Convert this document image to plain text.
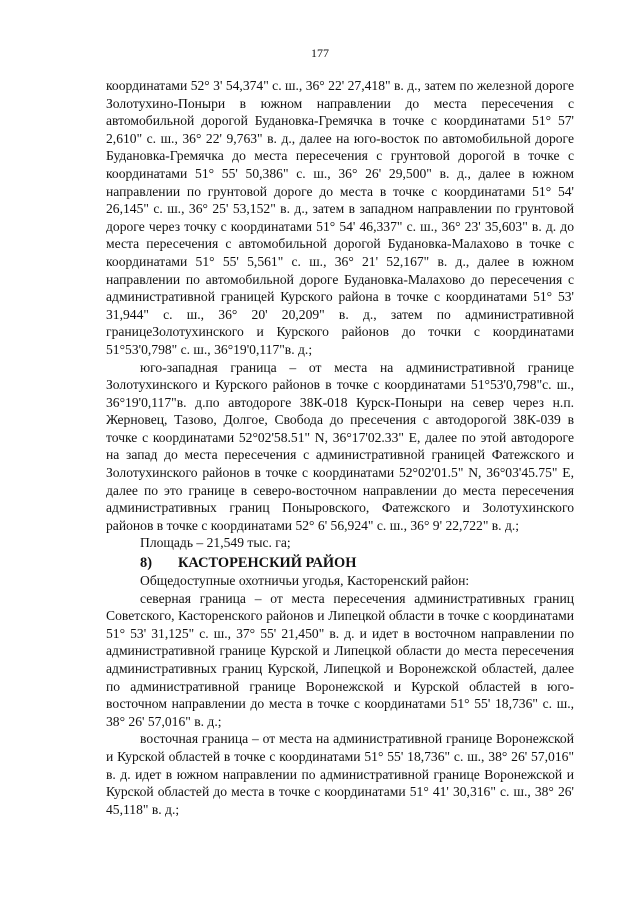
177

координатами 52° 3' 54,374" с. ш., 36° 22' 27,418" в. д., затем по железной дороге Золотухино-Поныри в южном направлении до места пересечения с автомобильной дорогой Будановка-Гремячка в точке с координатами 51° 57' 2,610" с. ш., 36° 22' 9,763" в. д., далее на юго-восток по автомобильной дороге Будановка-Гремячка до места пересечения с грунтовой дорогой в точке с координатами 51° 55' 50,386" с. ш., 36° 26' 29,500" в. д., далее в южном направлении по грунтовой дороге до места в точке с координатами 51° 54' 26,145" с. ш., 36° 25' 53,152" в. д., затем в западном направлении по грунтовой дороге через точку с координатами 51° 54' 46,337" с. ш., 36° 23' 35,603" в. д. до места пересечения с автомобильной дорогой Будановка-Малахово в точке с координатами 51° 55' 5,561" с. ш., 36° 21' 52,167" в. д., далее в южном направлении по автомобильной дороге Будановка-Малахово до пересечения с административной границей Курского района в точке с координатами 51° 53' 31,944" с. ш., 36° 20' 20,209" в. д., затем по административной границеЗолотухинского и Курского районов до точки с координатами 51°53'0,798" с. ш., 36°19'0,117"в. д.;

юго-западная граница – от места на административной границе Золотухинского и Курского районов в точке с координатами 51°53'0,798"с. ш., 36°19'0,117"в. д.по автодороге 38К-018 Курск-Поныри на север через н.п. Жерновец, Тазово, Долгое, Свобода до пресечения с автодорогой 38К-039 в точке с координатами 52°02'58.51" N, 36°17'02.33" E, далее по этой автодороге на запад до места пересечения с административной границей Фатежского и Золотухинского районов в точке с координатами 52°02'01.5" N, 36°03'45.75" E, далее по это границе в северо-восточном направлении до места пересечения административных границ Поныровского, Фатежского и Золотухинского районов в точке с координатами 52° 6' 56,924" с. ш., 36° 9' 22,722" в. д.;

Площадь – 21,549 тыс. га;

8) КАСТОРЕНСКИЙ РАЙОН

Общедоступные охотничьи угодья, Касторенский район:

северная граница – от места пересечения административных границ Советского, Касторенского районов и Липецкой области в точке с координатами 51° 53' 31,125" с. ш., 37° 55' 21,450" в. д. и идет в восточном направлении по административной границе Курской и Липецкой области до места пересечения административных границ Курской, Липецкой и Воронежской областей, далее по административной границе Воронежской и Курской областей в юго-восточном направлении до места в точке с координатами 51° 55' 18,736" с. ш., 38° 26' 57,016" в. д.;

восточная граница – от места на административной границе Воронежской и Курской областей в точке с координатами 51° 55' 18,736" с. ш., 38° 26' 57,016" в. д. идет в южном направлении по административной границе Воронежской и Курской областей до места в точке с координатами 51° 41' 30,316" с. ш., 38° 26' 45,118" в. д.;
